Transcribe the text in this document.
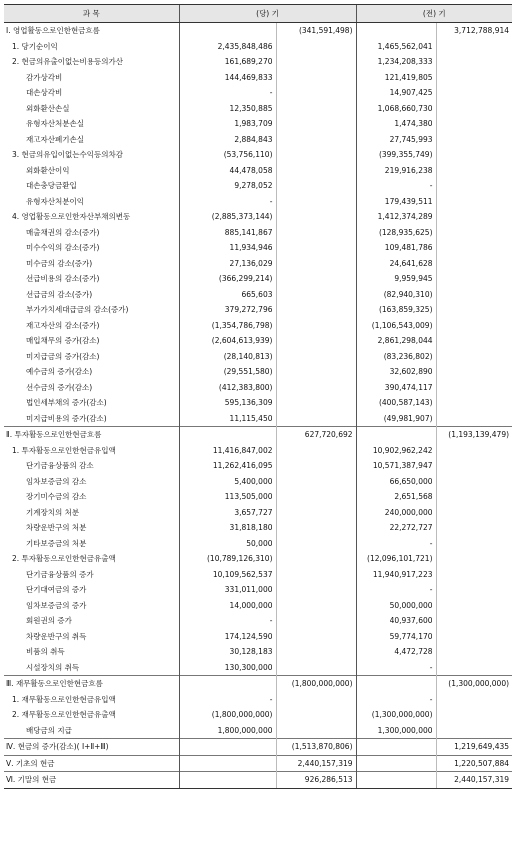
과 목	(당) 기		(전) 기	
Ⅰ. 영업활동으로인한현금흐름		(341,591,498)		3,712,788,914
1. 당기순이익	2,435,848,486		1,465,562,041	
2. 현금의유출이없는비용등의가산	161,689,270		1,234,208,333	
감가상각비	144,469,833		121,419,805	
대손상각비	-		14,907,425	
외화환산손실	12,350,885		1,068,660,730	
유형자산처분손실	1,983,709		1,474,380	
재고자산폐기손실	2,884,843		27,745,993	
3. 현금의유입이없는수익등의차감	(53,756,110)		(399,355,749)	
외화환산이익	44,478,058		219,916,238	
대손충당금환입	9,278,052		-	
유형자산처분이익	-		179,439,511	
4. 영업활동으로인한자산부채의변동	(2,885,373,144)		1,412,374,289	
매출채권의 감소(증가)	885,141,867		(128,935,625)	
미수수익의 감소(증가)	11,934,946		109,481,786	
미수금의 감소(증가)	27,136,029		24,641,628	
선급비용의 감소(증가)	(366,299,214)		9,959,945	
선급금의 감소(증가)	665,603		(82,940,310)	
부가가치세대급금의 감소(증가)	379,272,796		(163,859,325)	
재고자산의 감소(증가)	(1,354,786,798)		(1,106,543,009)	
매입채무의 증가(감소)	(2,604,613,939)		2,861,298,044	
미지급금의 증가(감소)	(28,140,813)		(83,236,802)	
예수금의 증가(감소)	(29,551,580)		32,602,890	
선수금의 증가(감소)	(412,383,800)		390,474,117	
법인세부채의 증가(감소)	595,136,309		(400,587,143)	
미지급비용의 증가(감소)	11,115,450		(49,981,907)	
Ⅱ. 투자활동으로인한현금흐름		627,720,692		(1,193,139,479)
1. 투자활동으로인한현금유입액	11,416,847,002		10,902,962,242	
단기금융상품의 감소	11,262,416,095		10,571,387,947	
임차보증금의 감소	5,400,000		66,650,000	
장기미수금의 감소	113,505,000		2,651,568	
기계장치의 처분	3,657,727		240,000,000	
차량운반구의 처분	31,818,180		22,272,727	
기타보증금의 처분	50,000		-	
2. 투자활동으로인한현금유출액	(10,789,126,310)		(12,096,101,721)	
단기금융상품의 증가	10,109,562,537		11,940,917,223	
단기대여금의 증가	331,011,000		-	
임차보증금의 증가	14,000,000		50,000,000	
회원권의 증가	-		40,937,600	
차량운반구의 취득	174,124,590		59,774,170	
비품의 취득	30,128,183		4,472,728	
시설장치의 취득	130,300,000		-	
Ⅲ. 재무활동으로인한현금흐름		(1,800,000,000)		(1,300,000,000)
1. 재무활동으로인한현금유입액	-		-	
2. 재무활동으로인한현금유출액	(1,800,000,000)		(1,300,000,000)	
배당금의 지급	1,800,000,000		1,300,000,000	
Ⅳ. 현금의 증가(감소)( Ⅰ+Ⅱ+Ⅲ)		(1,513,870,806)		1,219,649,435
Ⅴ. 기초의 현금		2,440,157,319		1,220,507,884
Ⅵ. 기말의 현금		926,286,513		2,440,157,319
